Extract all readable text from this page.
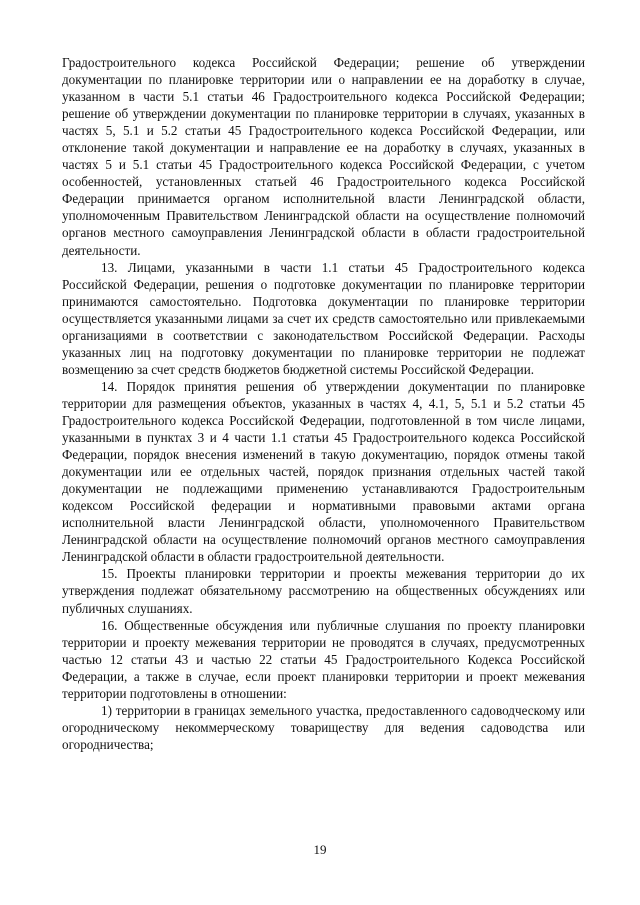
Градостроительного кодекса Российской Федерации; решение об утверждении документации по планировке территории или о направлении ее на доработку в случае, указанном в части 5.1 статьи 46 Градостроительного кодекса Российской Федерации; решение об утверждении документации по планировке территории в случаях, указанных в частях 5, 5.1 и 5.2 статьи 45 Градостроительного кодекса Российской Федерации, или отклонение такой документации и направление ее на доработку в случаях, указанных в частях 5 и 5.1 статьи 45 Градостроительного кодекса Российской Федерации, с учетом особенностей, установленных статьей 46 Градостроительного кодекса Российской Федерации принимается органом исполнительной власти Ленинградской области, уполномоченным Правительством Ленинградской области на осуществление полномочий органов местного самоуправления Ленинградской области в области градостроительной деятельности.

13. Лицами, указанными в части 1.1 статьи 45 Градостроительного кодекса Российской Федерации, решения о подготовке документации по планировке территории принимаются самостоятельно. Подготовка документации по планировке территории осуществляется указанными лицами за счет их средств самостоятельно или привлекаемыми организациями в соответствии с законодательством Российской Федерации. Расходы указанных лиц на подготовку документации по планировке территории не подлежат возмещению за счет средств бюджетов бюджетной системы Российской Федерации.

14. Порядок принятия решения об утверждении документации по планировке территории для размещения объектов, указанных в частях 4, 4.1, 5, 5.1 и 5.2 статьи 45 Градостроительного кодекса Российской Федерации, подготовленной в том числе лицами, указанными в пунктах 3 и 4 части 1.1 статьи 45 Градостроительного кодекса Российской Федерации, порядок внесения изменений в такую документацию, порядок отмены такой документации или ее отдельных частей, порядок признания отдельных частей такой документации не подлежащими применению устанавливаются Градостроительным кодексом Российской федерации и нормативными правовыми актами органа исполнительной власти Ленинградской области, уполномоченного Правительством Ленинградской области на осуществление полномочий органов местного самоуправления Ленинградской области в области градостроительной деятельности.

15. Проекты планировки территории и проекты межевания территории до их утверждения подлежат обязательному рассмотрению на общественных обсуждениях или публичных слушаниях.

16. Общественные обсуждения или публичные слушания по проекту планировки территории и проекту межевания территории не проводятся в случаях, предусмотренных частью 12 статьи 43 и частью 22 статьи 45 Градостроительного Кодекса Российской Федерации, а также в случае, если проект планировки территории и проект межевания территории подготовлены в отношении:

1) территории в границах земельного участка, предоставленного садоводческому или огородническому некоммерческому товариществу для ведения садоводства или огородничества;

19
